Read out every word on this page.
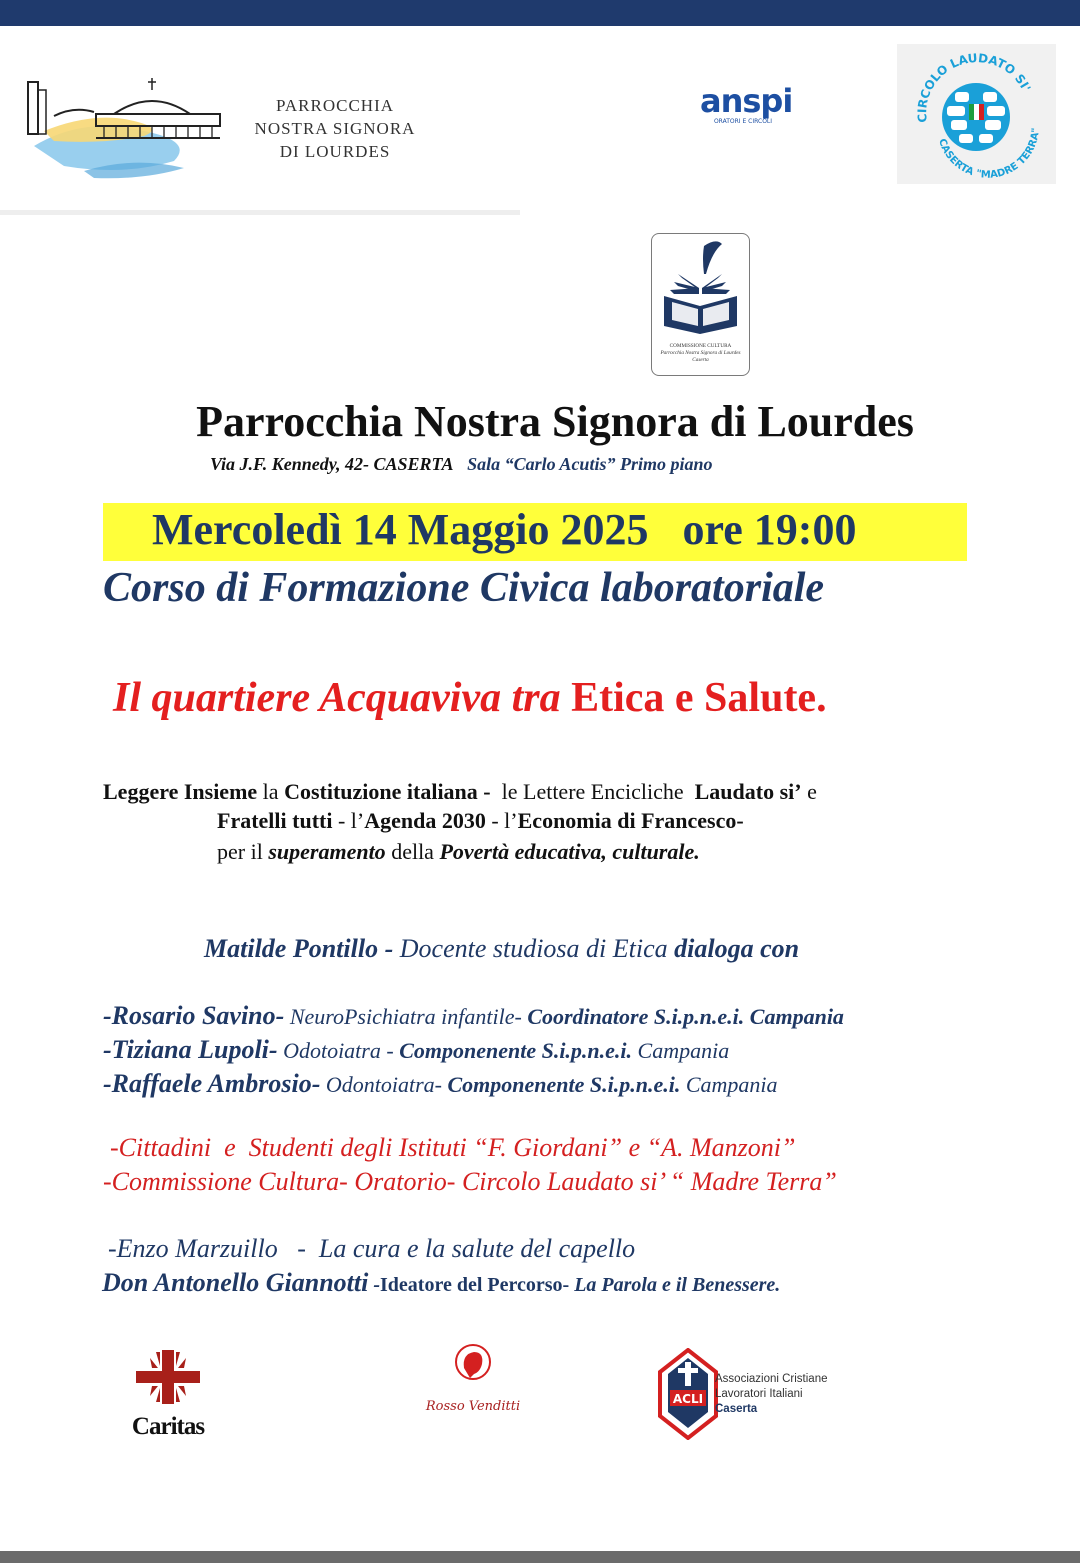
PARROCCHIA
NOSTRA SIGNORA
DI LOURDES
anspi
ORATORI E CIRCOLI	CIRCOLO LAUDATO SI'
CASERTA "MADRE TERRA"
COMMISSIONE CULTURA
Parrocchia Nostra Signora di Lourdes
Caserta
Parrocchia Nostra Signora di Lourdes
Via J.F. Kennedy, 42- CASERTA Sala “Carlo Acutis” Primo piano
Mercoledì 14 Maggio 2025 ore 19:00
Corso di Formazione Civica laboratoriale
Il quartiere Acquaviva tra Etica e Salute.
Leggere Insieme la Costituzione italiana -  le Lettere Encicliche  Laudato si’ e
Fratelli tutti - l’Agenda 2030 - l’Economia di Francesco-
per il superamento della Povertà educativa, culturale.
Matilde Pontillo - Docente studiosa di Etica dialoga con
-Rosario Savino- NeuroPsichiatra infantile- Coordinatore S.i.p.n.e.i. Campania
-Tiziana Lupoli- Odotoiatra - Componenente S.i.p.n.e.i. Campania
-Raffaele Ambrosio- Odontoiatra- Componenente S.i.p.n.e.i. Campania
-Cittadini  e  Studenti degli Istituti “F. Giordani” e “A. Manzoni”
-Commissione Cultura- Oratorio- Circolo Laudato si’ “ Madre Terra”
-Enzo Marzuillo   -  La cura e la salute del capello
Don Antonello Giannotti -Ideatore del Percorso- La Parola e il Benessere.
Caritas
Rosso Venditti	ACLI
Associazioni Cristiane
Lavoratori Italiani
Caserta
